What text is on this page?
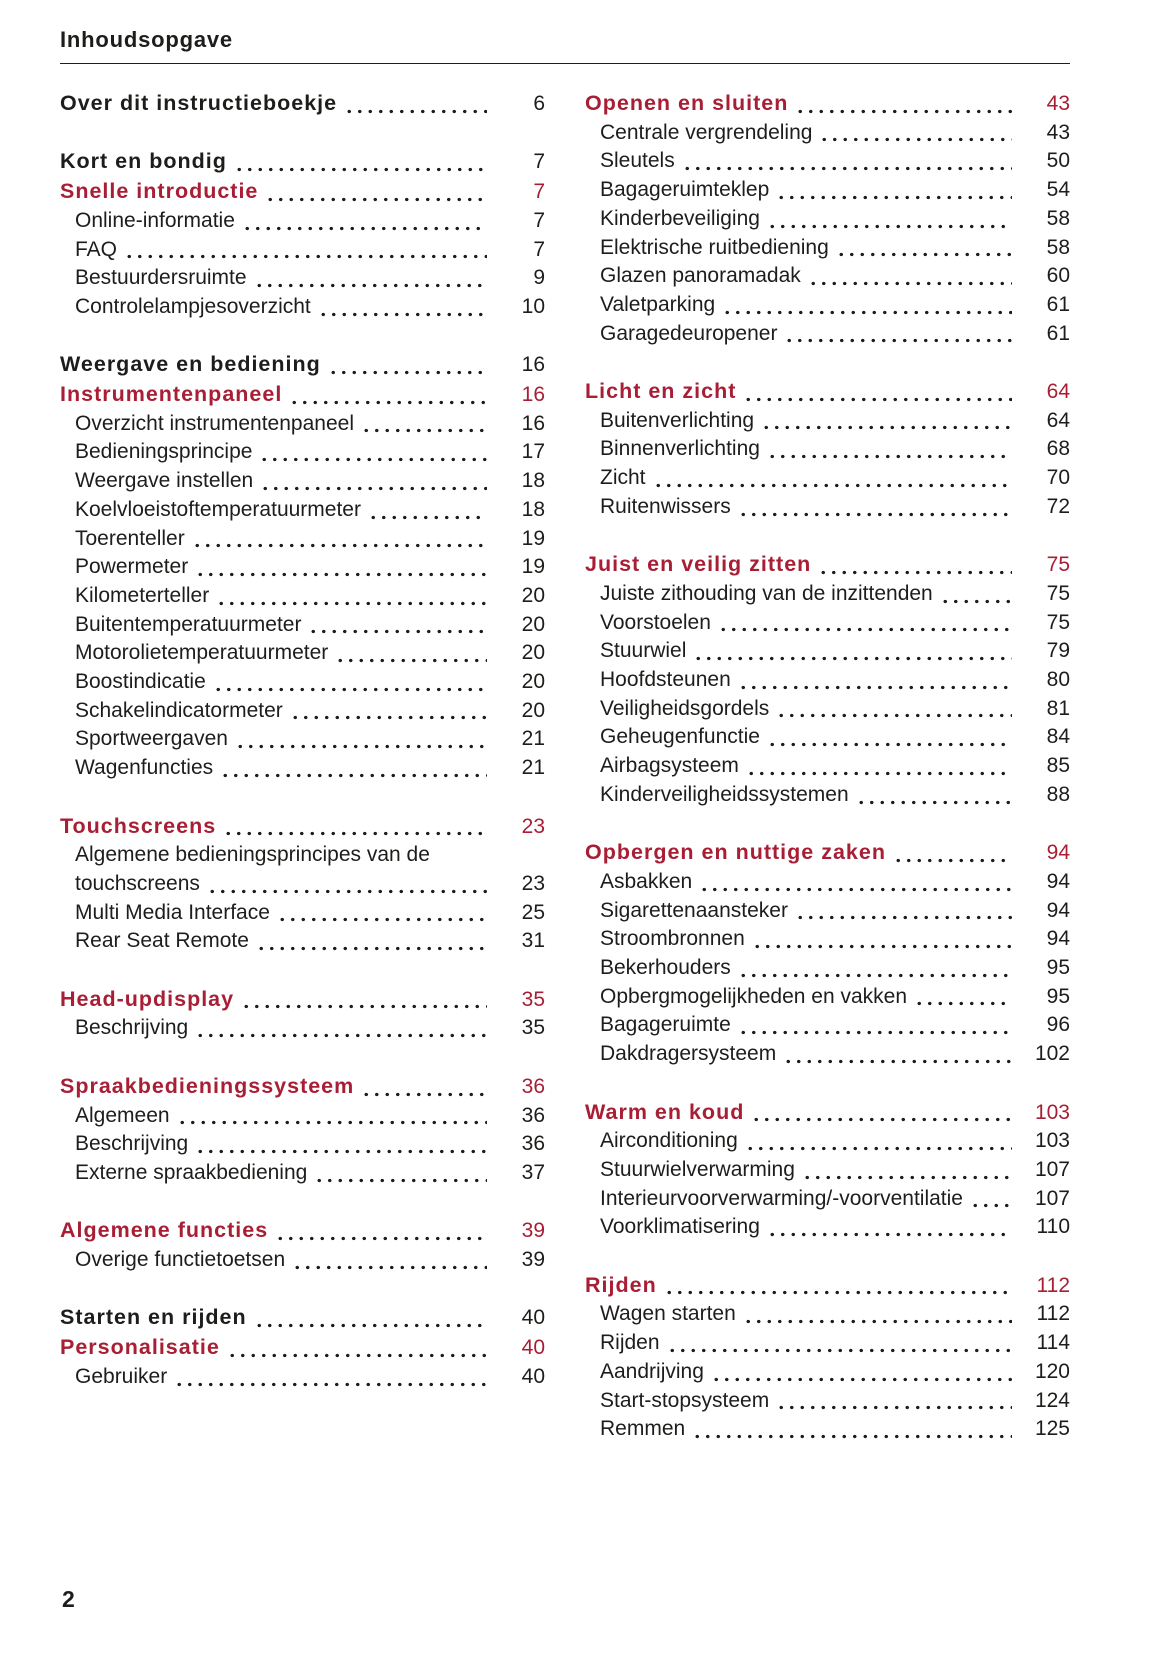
Inhoudsopgave
Over dit instructieboekje	6
Kort en bondig	7
Snelle introductie	7
Online-informatie	7
FAQ	7
Bestuurdersruimte	9
Controlelampjesoverzicht	10
Weergave en bediening	16
Instrumentenpaneel	16
Overzicht instrumentenpaneel	16
Bedieningsprincipe	17
Weergave instellen	18
Koelvloeistoftemperatuurmeter	18
Toerenteller	19
Powermeter	19
Kilometerteller	20
Buitentemperatuurmeter	20
Motorolietemperatuurmeter	20
Boostindicatie	20
Schakelindicatormeter	20
Sportweergaven	21
Wagenfuncties	21
Touchscreens	23
Algemene bedieningsprincipes van de
touchscreens	23
Multi Media Interface	25
Rear Seat Remote	31
Head-updisplay	35
Beschrijving	35
Spraakbedieningssysteem	36
Algemeen	36
Beschrijving	36
Externe spraakbediening	37
Algemene functies	39
Overige functietoetsen	39
Starten en rijden	40
Personalisatie	40
Gebruiker	40
Openen en sluiten	43
Centrale vergrendeling	43
Sleutels	50
Bagageruimteklep	54
Kinderbeveiliging	58
Elektrische ruitbediening	58
Glazen panoramadak	60
Valetparking	61
Garagedeuropener	61
Licht en zicht	64
Buitenverlichting	64
Binnenverlichting	68
Zicht	70
Ruitenwissers	72
Juist en veilig zitten	75
Juiste zithouding van de inzittenden	75
Voorstoelen	75
Stuurwiel	79
Hoofdsteunen	80
Veiligheidsgordels	81
Geheugenfunctie	84
Airbagsysteem	85
Kinderveiligheidssystemen	88
Opbergen en nuttige zaken	94
Asbakken	94
Sigarettenaansteker	94
Stroombronnen	94
Bekerhouders	95
Opbergmogelijkheden en vakken	95
Bagageruimte	96
Dakdragersysteem	102
Warm en koud	103
Airconditioning	103
Stuurwielverwarming	107
Interieurvoorverwarming/-voorventilatie	107
Voorklimatisering	110
Rijden	112
Wagen starten	112
Rijden	114
Aandrijving	120
Start-stopsysteem	124
Remmen	125
2
